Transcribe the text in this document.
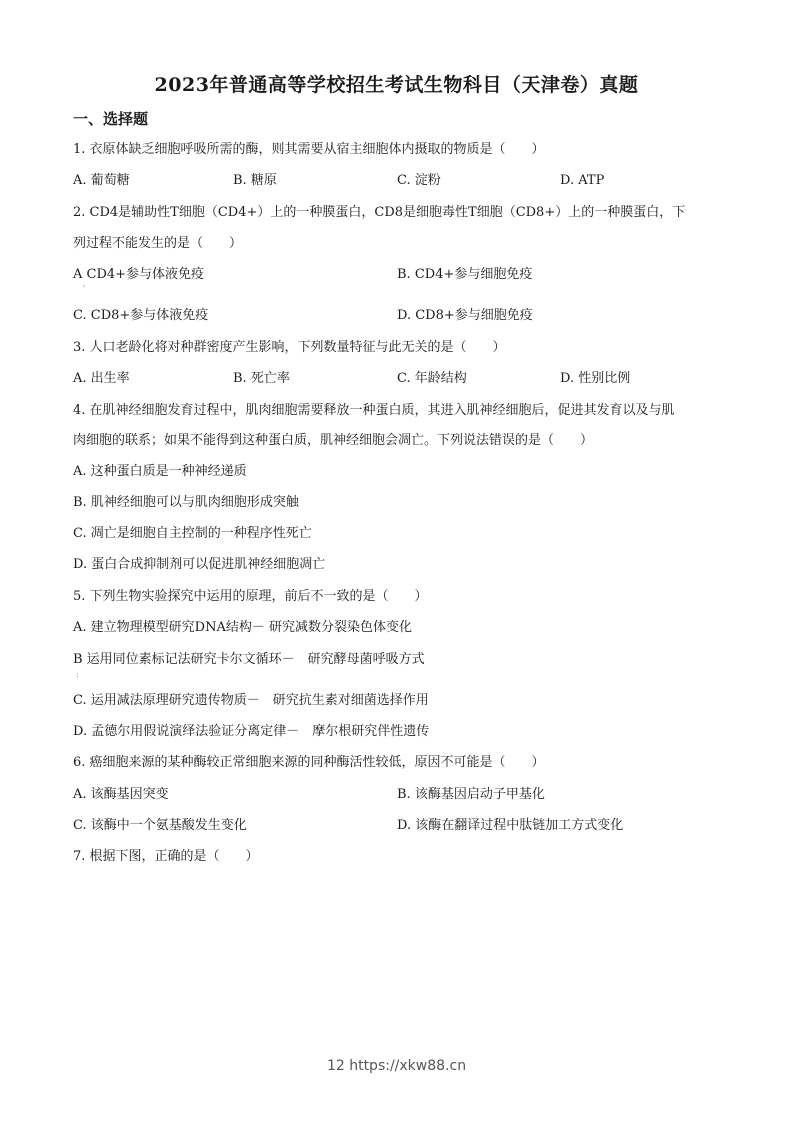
2023年普通高等学校招生考试生物科目（天津卷）真题
一、选择题
1. 衣原体缺乏细胞呼吸所需的酶，则其需要从宿主细胞体内摄取的物质是（　　）
A. 葡萄糖	B. 糖原	C. 淀粉	D. ATP
2. CD4是辅助性T细胞（CD4+）上的一种膜蛋白，CD8是细胞毒性T细胞（CD8+）上的一种膜蛋白，下
列过程不能发生的是（　　）
A CD4+参与体液免疫	B. CD4+参与细胞免疫
'
C. CD8+参与体液免疫	D. CD8+参与细胞免疫
3. 人口老龄化将对种群密度产生影响，下列数量特征与此无关的是（　　）
A. 出生率	B. 死亡率	C. 年龄结构	D. 性别比例
4. 在肌神经细胞发育过程中，肌肉细胞需要释放一种蛋白质，其进入肌神经细胞后，促进其发育以及与肌
肉细胞的联系；如果不能得到这种蛋白质，肌神经细胞会凋亡。下列说法错误的是（　　）
A. 这种蛋白质是一种神经递质
B. 肌神经细胞可以与肌肉细胞形成突触
C. 凋亡是细胞自主控制的一种程序性死亡
D. 蛋白合成抑制剂可以促进肌神经细胞凋亡
5. 下列生物实验探究中运用的原理，前后不一致的是（　　）
A. 建立物理模型研究DNA结构－ 研究减数分裂染色体变化
B 运用同位素标记法研究卡尔文循环－　研究酵母菌呼吸方式
:
C. 运用减法原理研究遗传物质－　研究抗生素对细菌选择作用
D. 孟德尔用假说演绎法验证分离定律－　摩尔根研究伴性遗传
6. 癌细胞来源的某种酶较正常细胞来源的同种酶活性较低，原因不可能是（　　）
A. 该酶基因突变	B. 该酶基因启动子甲基化
C. 该酶中一个氨基酸发生变化	D. 该酶在翻译过程中肽链加工方式变化
7. 根据下图，正确的是（　　）
12 https://xkw88.cn
